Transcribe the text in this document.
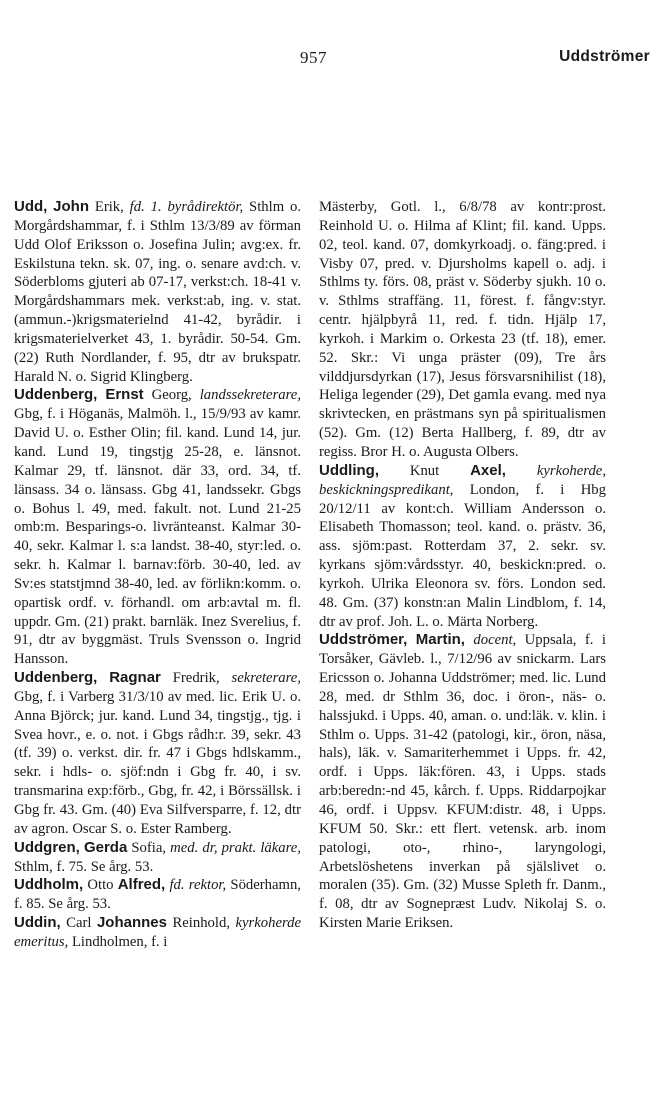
957	Uddströmer

Udd, John Erik, fd. 1. byrådirektör, Sthlm o. Morgårdshammar, f. i Sthlm 13/3/89 av förman Udd Olof Eriksson o. Josefina Julin; avg:ex. fr. Eskilstuna tekn. sk. 07, ing. o. senare avd:ch. v. Söderbloms gjuteri ab 07-17, verkst:ch. 18-41 v. Morgårdshammars mek. verkst:ab, ing. v. stat. (ammun.-)krigsmaterielnd 41-42, byrådir. i krigsmaterielverket 43, 1. byrådir. 50-54. Gm. (22) Ruth Nordlander, f. 95, dtr av brukspatr. Harald N. o. Sigrid Klingberg.

Uddenberg, Ernst Georg, landssekreterare, Gbg, f. i Höganäs, Malmöh. l., 15/9/93 av kamr. David U. o. Esther Olin; fil. kand. Lund 14, jur. kand. Lund 19, tingstjg 25-28, e. länsnot. Kalmar 29, tf. länsnot. där 33, ord. 34, tf. länsass. 34 o. länsass. Gbg 41, landssekr. Gbgs o. Bohus l. 49, med. fakult. not. Lund 21-25 omb:m. Besparings-o. livränteanst. Kalmar 30-40, sekr. Kalmar l. s:a landst. 38-40, styr:led. o. sekr. h. Kalmar l. barnav:förb. 30-40, led. av Sv:es statstjmnd 38-40, led. av förlikn:komm. o. opartisk ordf. v. förhandl. om arb:avtal m. fl. uppdr. Gm. (21) prakt. barnläk. Inez Sverelius, f. 91, dtr av byggmäst. Truls Svensson o. Ingrid Hansson.

Uddenberg, Ragnar Fredrik, sekreterare, Gbg, f. i Varberg 31/3/10 av med. lic. Erik U. o. Anna Björck; jur. kand. Lund 34, tingstjg., tjg. i Svea hovr., e. o. not. i Gbgs rådh:r. 39, sekr. 43 (tf. 39) o. verkst. dir. fr. 47 i Gbgs hdlskamm., sekr. i hdls- o. sjöf:ndn i Gbg fr. 40, i sv. transmarina exp:förb., Gbg, fr. 42, i Börssällsk. i Gbg fr. 43. Gm. (40) Eva Silfversparre, f. 12, dtr av agron. Oscar S. o. Ester Ramberg.

Uddgren, Gerda Sofia, med. dr, prakt. läkare, Sthlm, f. 75. Se årg. 53.

Uddholm, Otto Alfred, fd. rektor, Söderhamn, f. 85. Se årg. 53.

Uddin, Carl Johannes Reinhold, kyrkoherde emeritus, Lindholmen, f. i

Mästerby, Gotl. l., 6/8/78 av kontr:prost. Reinhold U. o. Hilma af Klint; fil. kand. Upps. 02, teol. kand. 07, domkyrkoadj. o. fäng:pred. i Visby 07, pred. v. Djursholms kapell o. adj. i Sthlms ty. förs. 08, präst v. Söderby sjukh. 10 o. v. Sthlms straffäng. 11, förest. f. fångv:styr. centr. hjälpbyrå 11, red. f. tidn. Hjälp 17, kyrkoh. i Markim o. Orkesta 23 (tf. 18), emer. 52. Skr.: Vi unga präster (09), Tre års vilddjursdyrkan (17), Jesus försvarsnihilist (18), Heliga legender (29), Det gamla evang. med nya skrivtecken, en prästmans syn på spiritualismen (52). Gm. (12) Berta Hallberg, f. 89, dtr av regiss. Bror H. o. Augusta Olbers.

Uddling, Knut Axel, kyrkoherde, beskickningspredikant, London, f. i Hbg 20/12/11 av kont:ch. William Andersson o. Elisabeth Thomasson; teol. kand. o. prästv. 36, ass. sjöm:past. Rotterdam 37, 2. sekr. sv. kyrkans sjöm:vårdsstyr. 40, beskickn:pred. o. kyrkoh. Ulrika Eleonora sv. förs. London sed. 48. Gm. (37) konstn:an Malin Lindblom, f. 14, dtr av prof. Joh. L. o. Märta Norberg.

Uddströmer, Martin, docent, Uppsala, f. i Torsåker, Gävleb. l., 7/12/96 av snickarm. Lars Ericsson o. Johanna Uddströmer; med. lic. Lund 28, med. dr Sthlm 36, doc. i öron-, näs- o. halssjukd. i Upps. 40, aman. o. und:läk. v. klin. i Sthlm o. Upps. 31-42 (patologi, kir., öron, näsa, hals), läk. v. Samariterhemmet i Upps. fr. 42, ordf. i Upps. läk:fören. 43, i Upps. stads arb:beredn:-nd 45, kårch. f. Upps. Riddarpojkar 46, ordf. i Uppsv. KFUM:distr. 48, i Upps. KFUM 50. Skr.: ett flert. vetensk. arb. inom patologi, oto-, rhino-, laryngologi, Arbetslöshetens inverkan på själslivet o. moralen (35). Gm. (32) Musse Spleth fr. Danm., f. 08, dtr av Sognepræst Ludv. Nikolaj S. o. Kirsten Marie Eriksen.
